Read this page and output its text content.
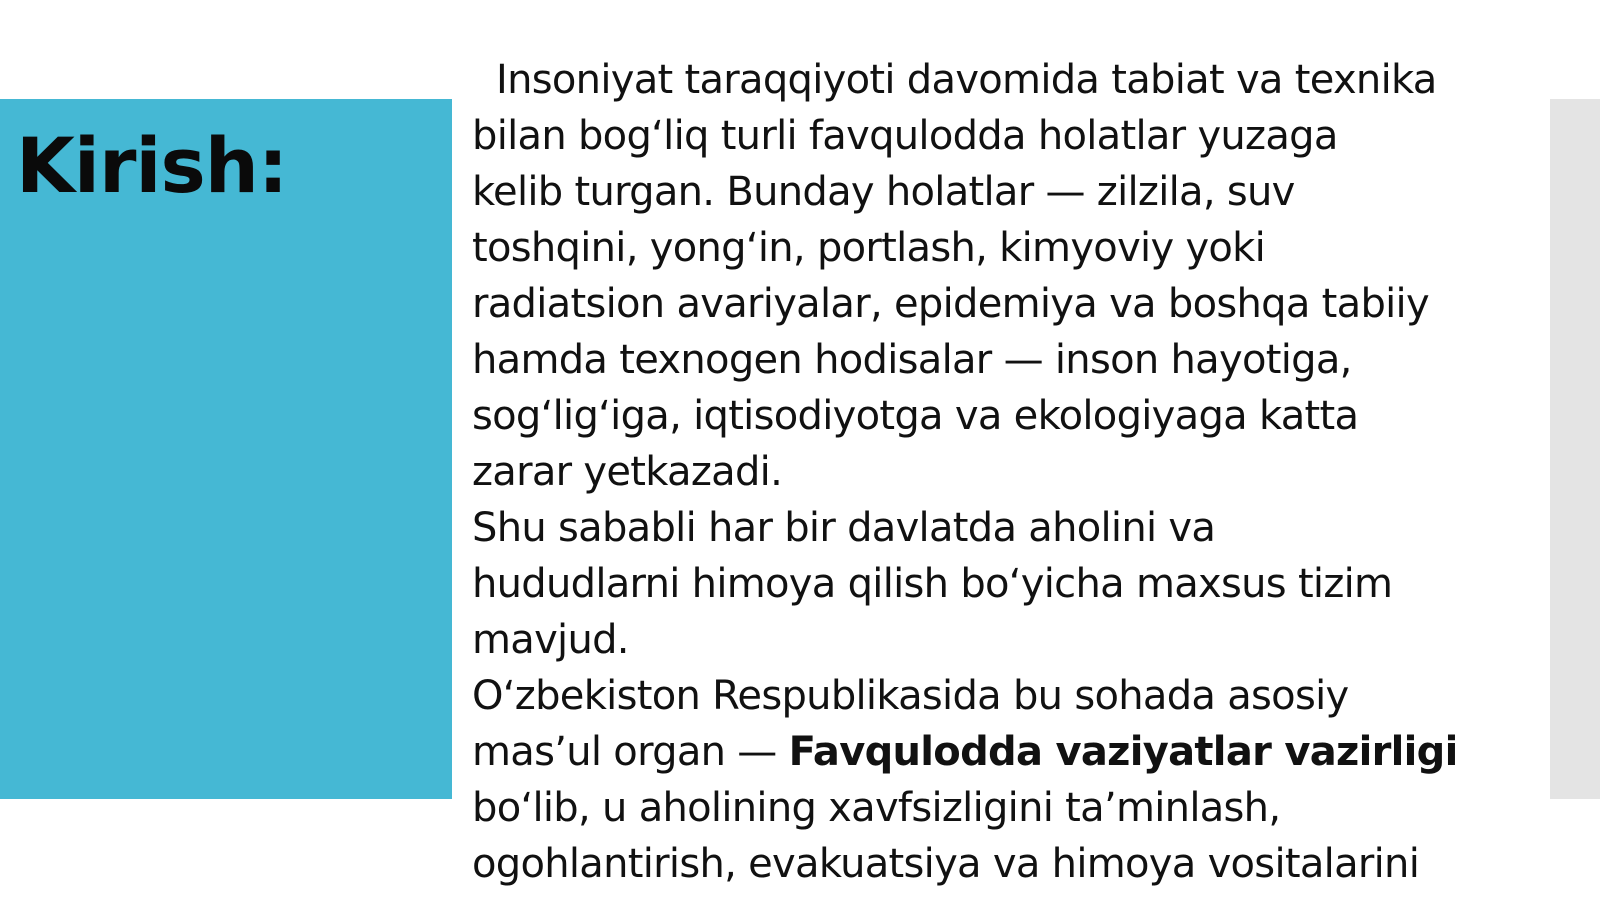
Kirish:
Insoniyat taraqqiyoti davomida tabiat va texnika
bilan bog‘liq turli favqulodda holatlar yuzaga
kelib turgan. Bunday holatlar — zilzila, suv
toshqini, yong‘in, portlash, kimyoviy yoki
radiatsion avariyalar, epidemiya va boshqa tabiiy
hamda texnogen hodisalar — inson hayotiga,
sog‘lig‘iga, iqtisodiyotga va ekologiyaga katta
zarar yetkazadi.
Shu sababli har bir davlatda aholini va
hududlarni himoya qilish bo‘yicha maxsus tizim
mavjud.
O‘zbekiston Respublikasida bu sohada asosiy
mas’ul organ — Favqulodda vaziyatlar vazirligi
bo‘lib, u aholining xavfsizligini ta’minlash,
ogohlantirish, evakuatsiya va himoya vositalarini
